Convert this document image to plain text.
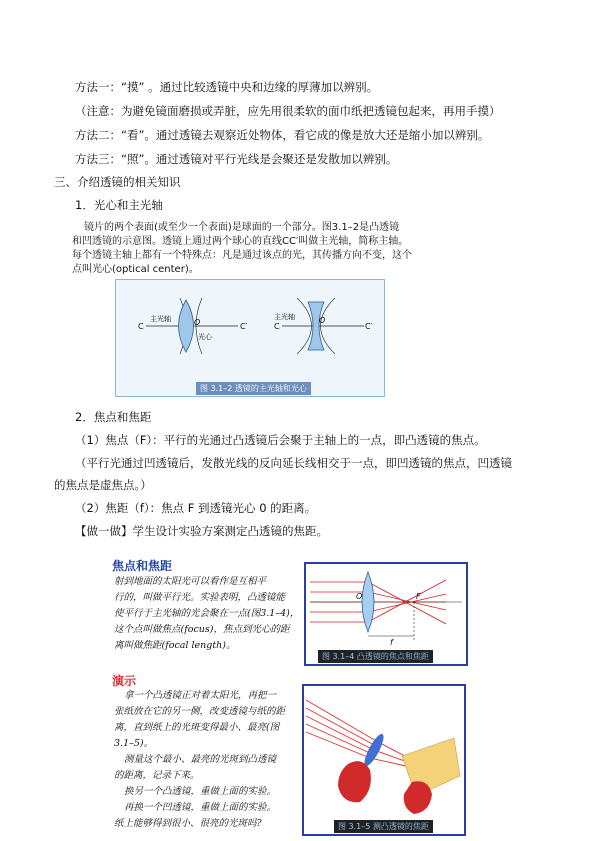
方法一：“摸” 。通过比较透镜中央和边缘的厚薄加以辨别。
（注意：为避免镜面磨损或弄脏，应先用很柔软的面巾纸把透镜包起来，再用手摸）
方法二：“看”。通过透镜去观察近处物体，看它成的像是放大还是缩小加以辨别。
方法三：“照”。通过透镜对平行光线是会聚还是发散加以辨别。
三、介绍透镜的相关知识
1．光心和主光轴
镜片的两个表面(或至少一个表面)是球面的一个部分。图3.1–2是凸透镜
和凹透镜的示意图。透镜上通过两个球心的直线CC′叫做主光轴，简称主轴。
每个透镜主轴上都有一个特殊点：凡是通过该点的光，其传播方向不变，这个
点叫光心(optical center)。
C
主光轴	O	C′
光心
C
主光轴	O
C′
图 3.1–2 透镜的主光轴和光心
2．焦点和焦距
（1）焦点（F）：平行的光通过凸透镜后会聚于主轴上的一点，即凸透镜的焦点。
（平行光通过凹透镜后，发散光线的反向延长线相交于一点，即凹透镜的焦点，凹透镜
的焦点是虚焦点。）
（2）焦距（f）：焦点 F 到透镜光心 0 的距离。
【做一做】学生设计实验方案测定凸透镜的焦距。
焦点和焦距
射到地面的太阳光可以看作是互相平
行的，叫做平行光。实验表明，凸透镜能
使平行于主光轴的光会聚在一点(图3.1–4)，
这个点叫做焦点(focus)，焦点到光心的距
离叫做焦距(focal length)。
O	F
f
图 3.1–4 凸透镜的焦点和焦距
演示
拿一个凸透镜正对着太阳光，再把一
张纸放在它的另一侧，改变透镜与纸的距
离，直到纸上的光斑变得最小、最亮(图
3.1–5)。
测量这个最小、最亮的光斑到凸透镜
的距离，记录下来。
换另一个凸透镜，重做上面的实验。
再换一个凹透镜，重做上面的实验。
纸上能够得到很小、很亮的光斑吗?	图 3.1–5 测凸透镜的焦距
